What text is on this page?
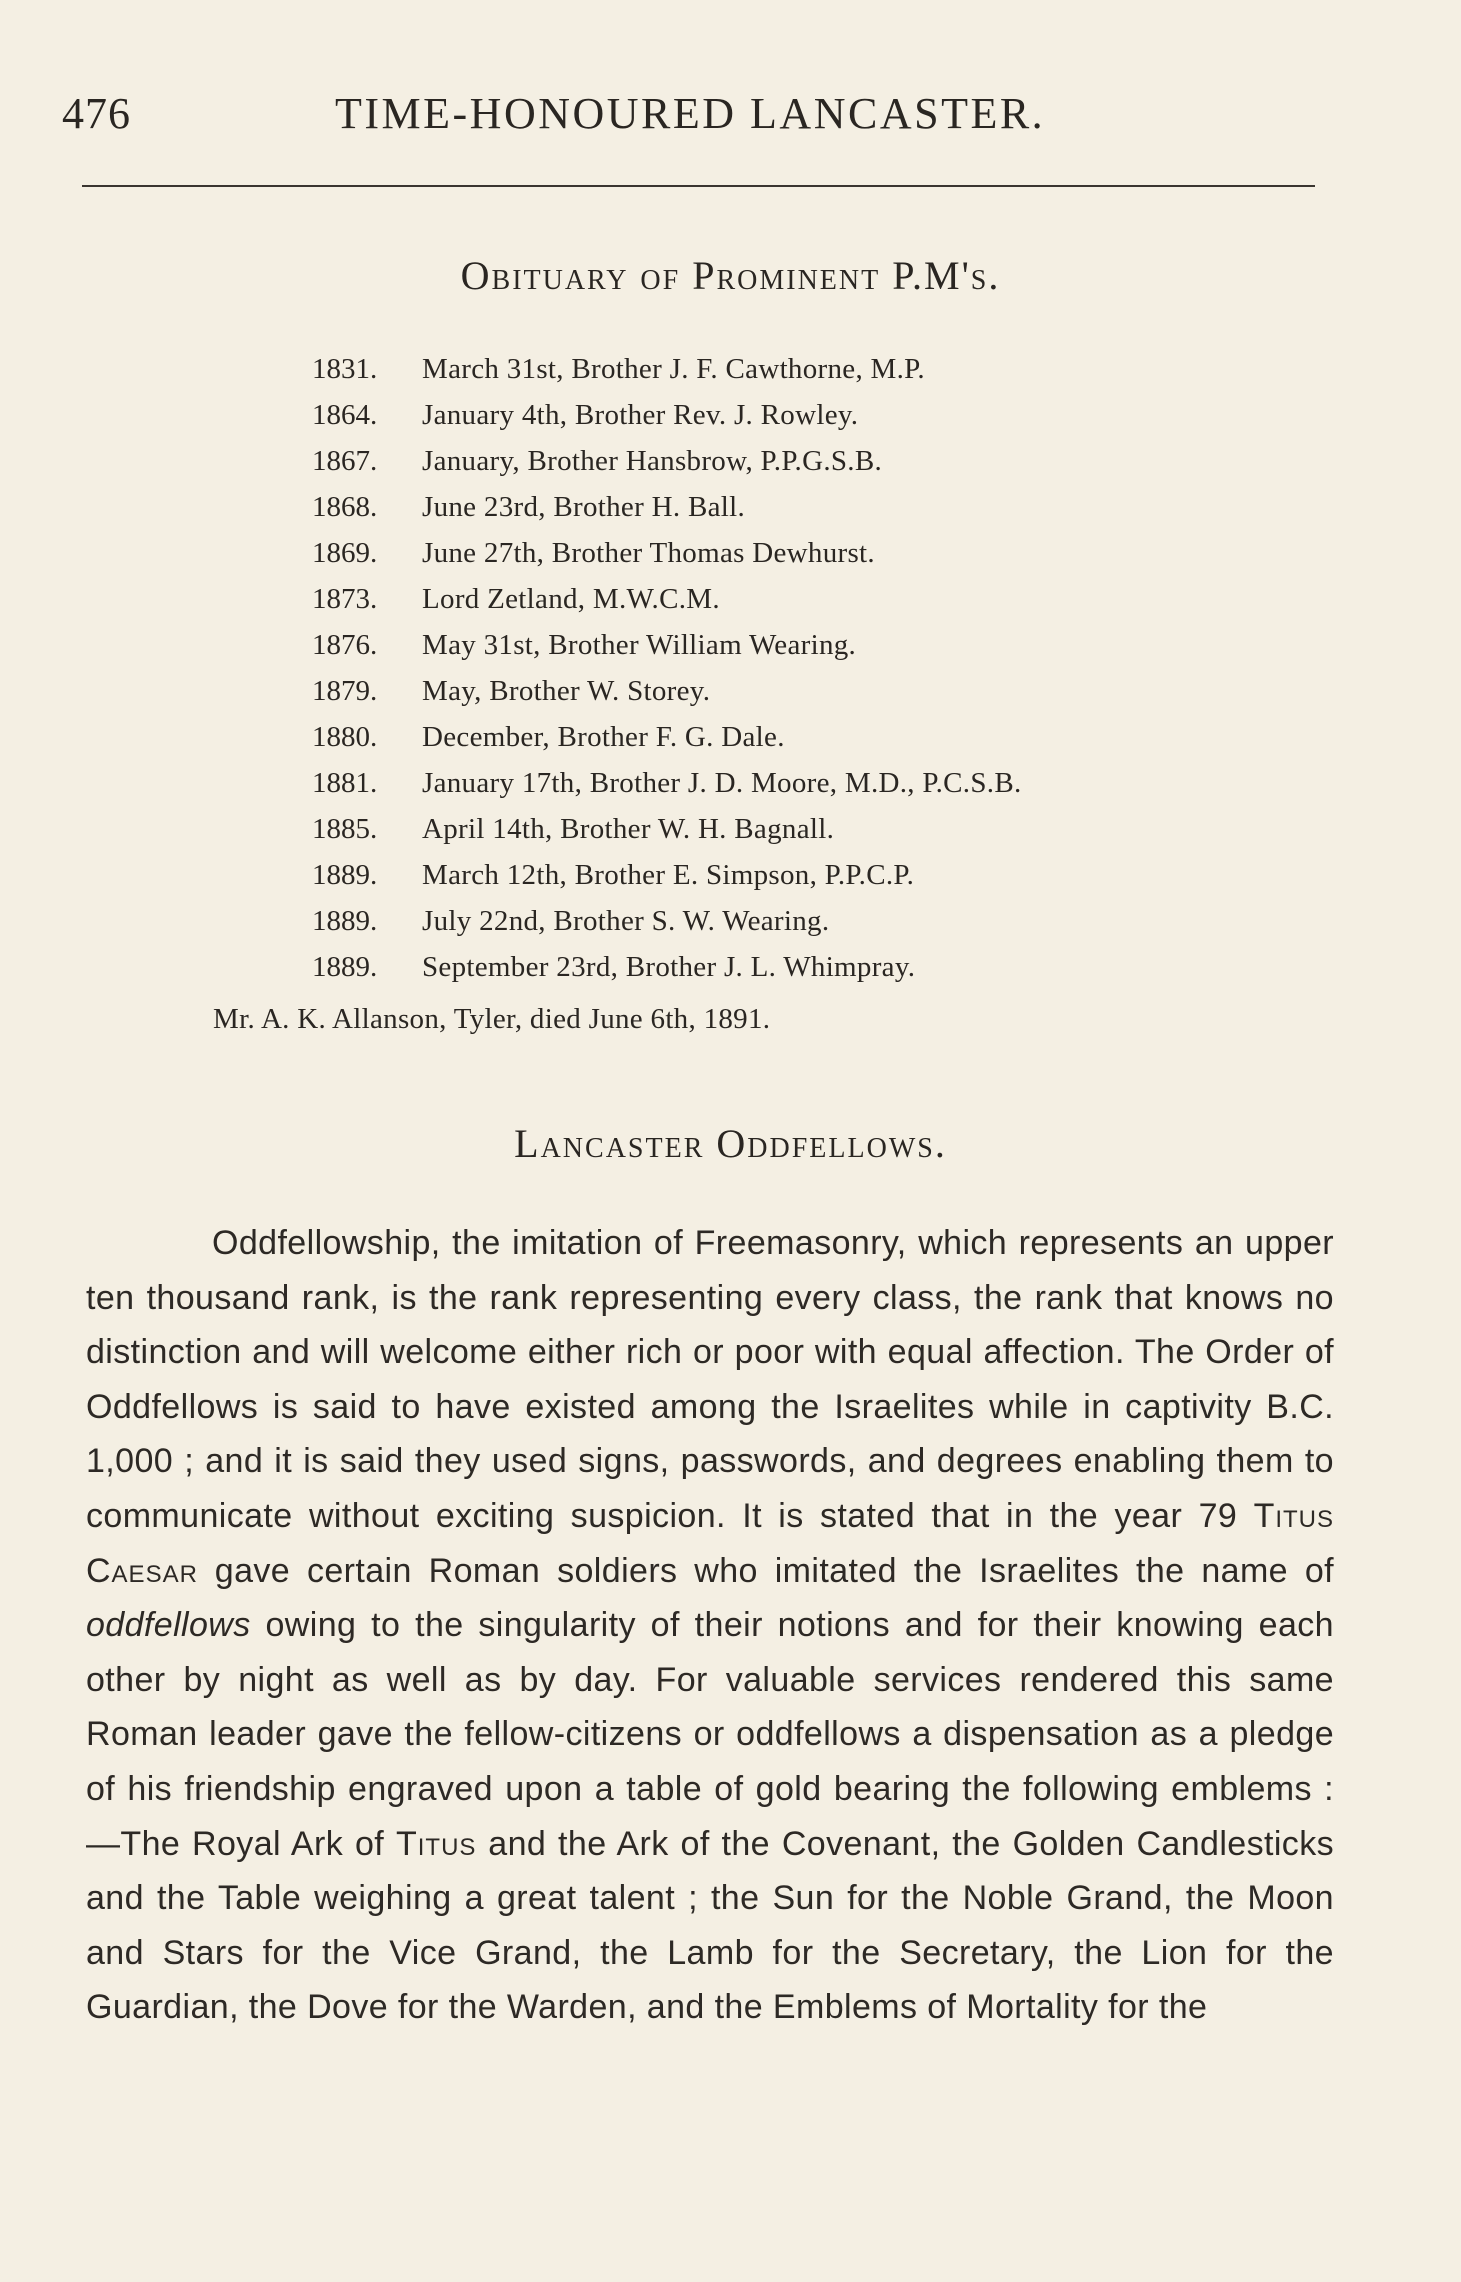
476	TIME-HONOURED LANCASTER.
Obituary of Prominent P.M's.
1831. March 31st, Brother J. F. Cawthorne, M.P.
1864. January 4th, Brother Rev. J. Rowley.
1867. January, Brother Hansbrow, P.P.G.S.B.
1868. June 23rd, Brother H. Ball.
1869. June 27th, Brother Thomas Dewhurst.
1873. Lord Zetland, M.W.C.M.
1876. May 31st, Brother William Wearing.
1879. May, Brother W. Storey.
1880. December, Brother F. G. Dale.
1881. January 17th, Brother J. D. Moore, M.D., P.C.S.B.
1885. April 14th, Brother W. H. Bagnall.
1889. March 12th, Brother E. Simpson, P.P.C.P.
1889. July 22nd, Brother S. W. Wearing.
1889. September 23rd, Brother J. L. Whimpray.
Mr. A. K. Allanson, Tyler, died June 6th, 1891.
Lancaster Oddfellows.

Oddfellowship, the imitation of Freemasonry, which represents an upper ten thousand rank, is the rank representing every class, the rank that knows no distinction and will welcome either rich or poor with equal affection. The Order of Oddfellows is said to have existed among the Israelites while in captivity B.C. 1,000 ; and it is said they used signs, passwords, and degrees enabling them to communicate without exciting suspicion. It is stated that in the year 79 Titus Caesar gave certain Roman soldiers who imitated the Israelites the name of oddfellows owing to the singularity of their notions and for their knowing each other by night as well as by day. For valuable services rendered this same Roman leader gave the fellow-citizens or oddfellows a dispensation as a pledge of his friendship engraved upon a table of gold bearing the following emblems :—The Royal Ark of Titus and the Ark of the Covenant, the Golden Candlesticks and the Table weighing a great talent ; the Sun for the Noble Grand, the Moon and Stars for the Vice Grand, the Lamb for the Secretary, the Lion for the Guardian, the Dove for the Warden, and the Emblems of Mortality for the
